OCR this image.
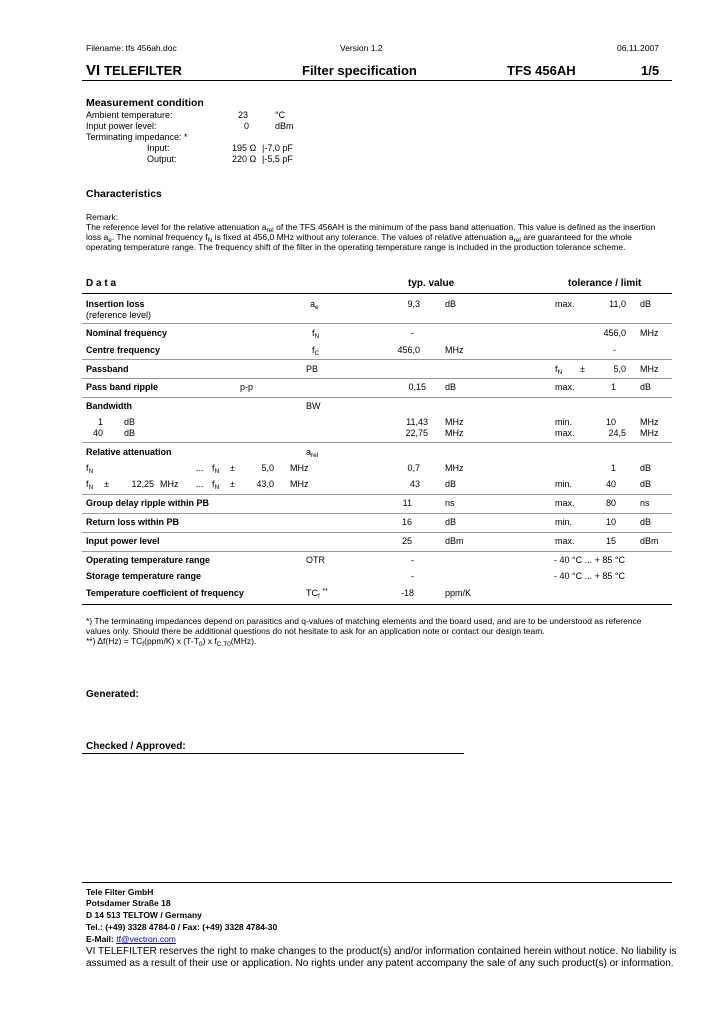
Filename: tfs 456ah.doc	Version 1.2	06.11.2007
VI TELEFILTER	Filter specification	TFS 456AH	1/5
Measurement condition
Ambient temperature:	23	°C
Input power level:	0	dBm
Terminating impedance: *
Input:	195 Ω |-7,0 pF
Output:	220 Ω |-5,5 pF
Characteristics
Remark:
The reference level for the relative attenuation $a_{rel}$ of the TFS 456AH is the minimum of the pass band attenuation. This value is defined as the insertion
loss $a_e$. The nominal frequency $f_N$ is fixed at 456,0 MHz without any tolerance. The values of relative attenuation $a_{rel}$ are guaranteed for the whole
operating temperature range. The frequency shift of the filter in the operating temperature range is included in the production tolerance scheme.
D a t a	typ. value	tolerance / limit
Insertion loss
(reference level)
$a_e$	9,3	dB	max.	11,0 dB
Nominal frequency	$f_N$	-	456,0 MHz
Centre frequency	$f_C$	456,0	MHz	-
Passband	PB	$f_N$ ±	5,0 MHz
Pass band ripple	p-p	0,15 dB	max.	1	dB
Bandwidth	BW
1 dB	11,43 MHz	min.	10	MHz
40 dB	22,75 MHz	max.	24,5 MHz
Relative attenuation	$a_{rel}$
$f_N$	... $f_N$ ±	5,0 MHz	0,7	MHz	1	dB
$f_N$ ±	12,25 MHz ... $f_N$ ±	43,0 MHz	43	dB	min.	40	dB
Group delay ripple within PB	11	ns	max.	80	ns
Return loss within PB	16	dB	min.	10	dB
Input power level	25	dBm	max.	15	dBm
Operating temperature range	OTR	-	- 40 °C ... + 85 °C
Storage temperature range	-	- 40 °C ... + 85 °C
Temperature coefficient of frequency	$TC_f$ **	-18	ppm/K
*) The terminating impedances depend on parasitics and q-values of matching elements and the board used, and are to be understood as reference
values only. Should there be additional questions do not hesitate to ask for an application note or contact our design team.
**) $\Delta f(Hz) = TC_f(ppm/K)$ x $(T-T_0)$ x $f_{C,T0}(MHz)$.
Generated:
Checked / Approved:
Tele Filter GmbH
Potsdamer Straße 18
D 14 513 TELTOW / Germany
Tel.: (+49) 3328 4784-0 / Fax: (+49) 3328 4784-30
E-Mail: tf@vectron.com
VI TELEFILTER reserves the right to make changes to the product(s) and/or information contained herein without notice. No liability is
assumed as a result of their use or application. No rights under any patent accompany the sale of any such product(s) or information.
